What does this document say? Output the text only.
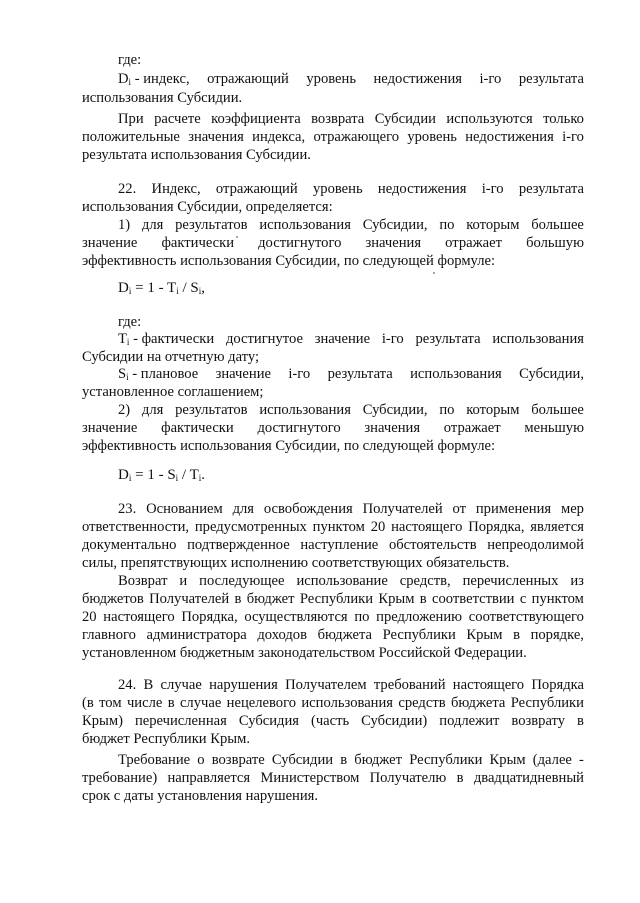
где:
$D_i$ - индекс, отражающий уровень недостижения i-го результата
использования Субсидии.
При расчете коэффициента возврата Субсидии используются только
положительные значения индекса, отражающего уровень недостижения i-го
результата использования Субсидии.
22. Индекс, отражающий уровень недостижения i-го результата
использования Субсидии, определяется:
1) для результатов использования Субсидии, по которым большее
значение фактически достигнутого значения отражает большую
эффективность использования Субсидии, по следующей формуле:
$D_i = 1 - T_i / S_i$,
где:
$T_i$ - фактически достигнутое значение i-го результата использования
Субсидии на отчетную дату;
$S_i$ - плановое значение i-го результата использования Субсидии,
установленное соглашением;
2) для результатов использования Субсидии, по которым большее
значение фактически достигнутого значения отражает меньшую
эффективность использования Субсидии, по следующей формуле:
$D_i = 1 - S_i / T_i$.
23. Основанием для освобождения Получателей от применения мер
ответственности, предусмотренных пунктом 20 настоящего Порядка, является
документально подтвержденное наступление обстоятельств непреодолимой
силы, препятствующих исполнению соответствующих обязательств.
Возврат и последующее использование средств, перечисленных из
бюджетов Получателей в бюджет Республики Крым в соответствии с пунктом
20 настоящего Порядка, осуществляются по предложению соответствующего
главного администратора доходов бюджета Республики Крым в порядке,
установленном бюджетным законодательством Российской Федерации.
24. В случае нарушения Получателем требований настоящего Порядка
(в том числе в случае нецелевого использования средств бюджета Республики
Крым) перечисленная Субсидия (часть Субсидии) подлежит возврату в
бюджет Республики Крым.
Требование о возврате Субсидии в бюджет Республики Крым (далее -
требование) направляется Министерством Получателю в двадцатидневный
срок с даты установления нарушения.
